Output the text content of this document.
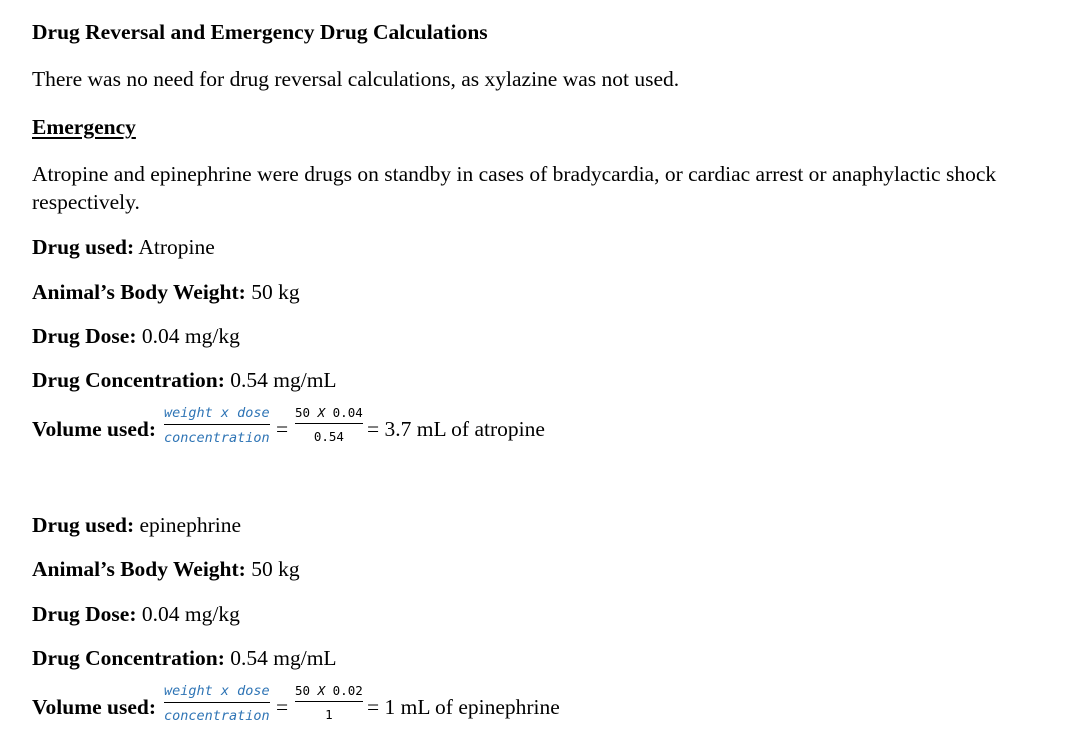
Drug Reversal and Emergency Drug Calculations
There was no need for drug reversal calculations, as xylazine was not used.
Emergency
Atropine and epinephrine were drugs on standby in cases of bradycardia, or cardiac arrest or anaphylactic shock respectively.
Drug used: Atropine
Animal’s Body Weight: 50 kg
Drug Dose: 0.04 mg/kg
Drug Concentration: 0.54 mg/mL
Volume used:
weight x dose
concentration = $\frac{50 X 0.04}{0.54} = 3.7$ mL of atropine
Drug used: epinephrine
Animal’s Body Weight: 50 kg
Drug Dose: 0.04 mg/kg
Drug Concentration: 0.54 mg/mL
Volume used:
weight x dose
concentration = $\frac{50 X 0.02}{1} = 1$ mL of epinephrine
